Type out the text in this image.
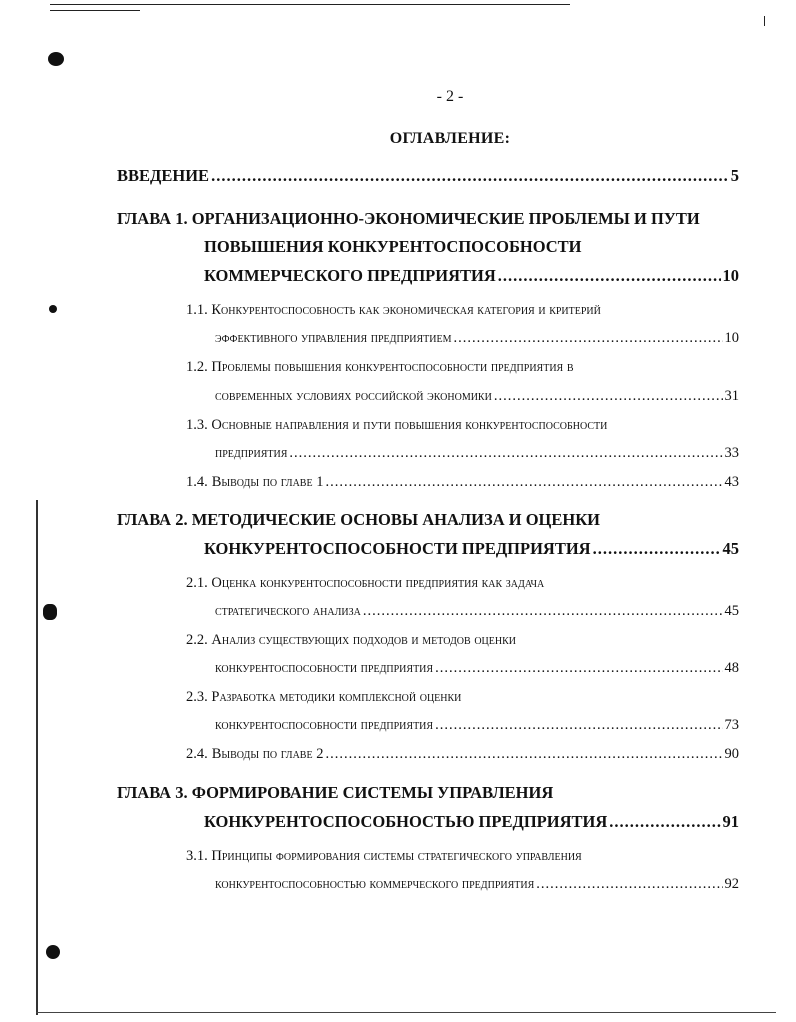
- 2 -
ОГЛАВЛЕНИЕ:
ВВЕДЕНИЕ .....	5
ГЛАВА 1. ОРГАНИЗАЦИОННО-ЭКОНОМИЧЕСКИЕ ПРОБЛЕМЫ И ПУТИ
ПОВЫШЕНИЯ КОНКУРЕНТОСПОСОБНОСТИ
КОММЕРЧЕСКОГО ПРЕДПРИЯТИЯ .....	10
1.1. Конкурентоспособность как экономическая категория и критерий
эффективного управления предприятием .....	10
1.2. Проблемы повышения конкурентоспособности предприятия в
современных условиях российской экономики .....	31
1.3. Основные направления и пути повышения конкурентоспособности
предприятия .....	33
1.4. Выводы по главе 1 .....	43
ГЛАВА 2. МЕТОДИЧЕСКИЕ ОСНОВЫ АНАЛИЗА И ОЦЕНКИ
КОНКУРЕНТОСПОСОБНОСТИ ПРЕДПРИЯТИЯ .....	45
2.1. Оценка конкурентоспособности предприятия как задача
стратегического анализа .....	45
2.2. Анализ существующих подходов и методов оценки
конкурентоспособности предприятия .....	48
2.3. Разработка методики комплексной оценки
конкурентоспособности предприятия .....	73
2.4. Выводы по главе 2 .....	90
ГЛАВА 3. ФОРМИРОВАНИЕ СИСТЕМЫ УПРАВЛЕНИЯ
КОНКУРЕНТОСПОСОБНОСТЬЮ ПРЕДПРИЯТИЯ .....	91
3.1. Принципы формирования системы стратегического управления
конкурентоспособностью коммерческого предприятия .....	92
